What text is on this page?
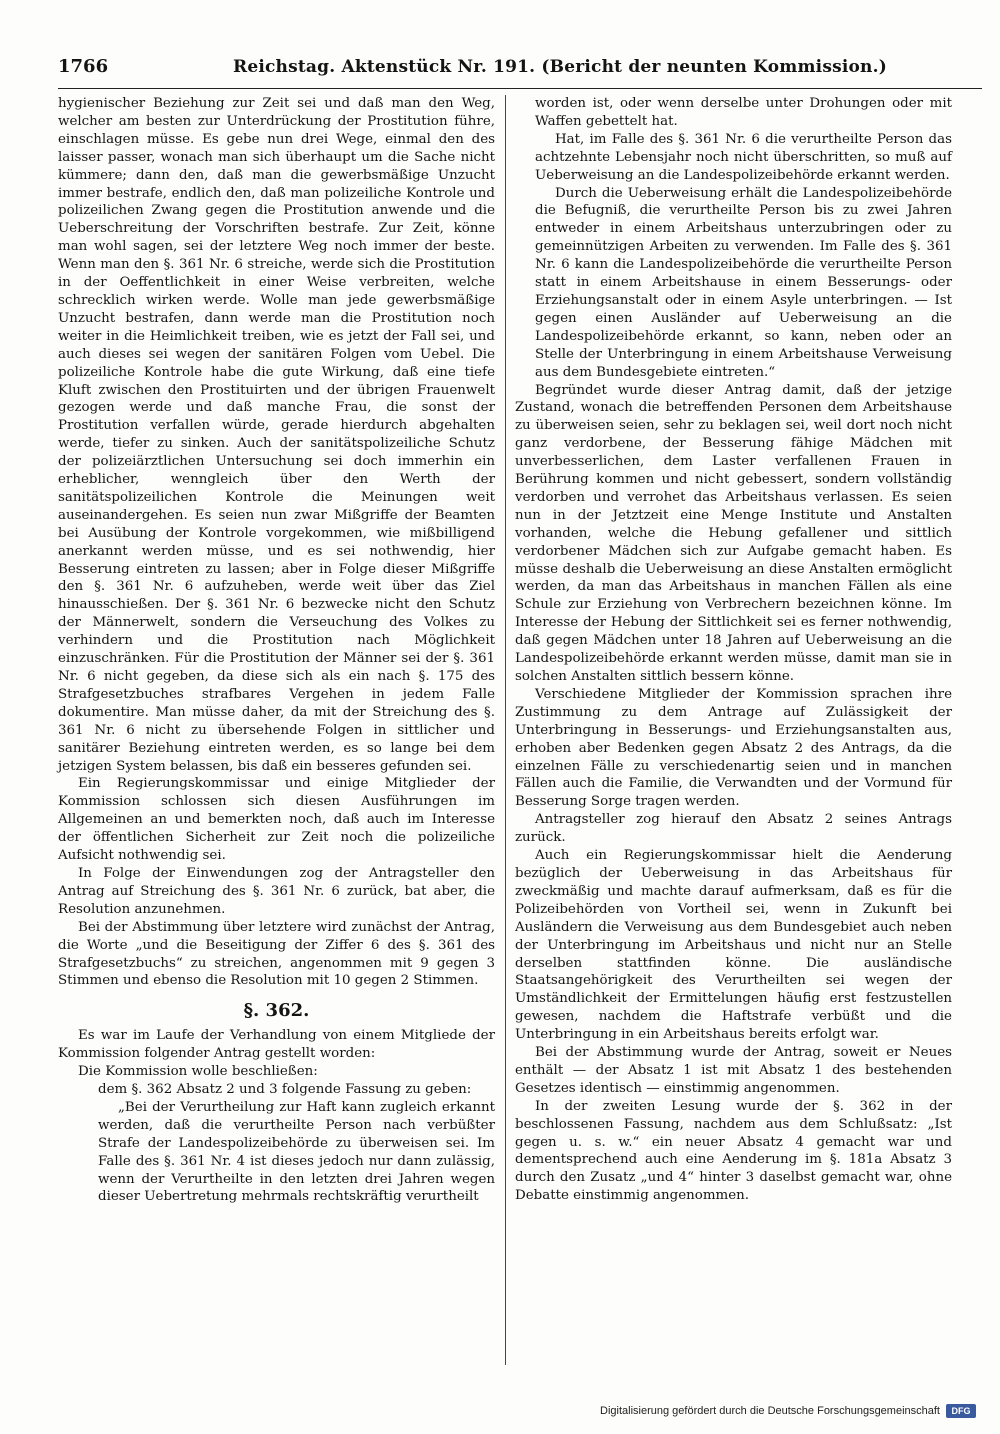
1766	Reichstag. Aktenstück Nr. 191. (Bericht der neunten Kommission.)

hygienischer Beziehung zur Zeit sei und daß man den Weg, welcher am besten zur Unterdrückung der Prostitution führe, einschlagen müsse. Es gebe nun drei Wege, einmal den des laisser passer, wonach man sich überhaupt um die Sache nicht kümmere; dann den, daß man die gewerbsmäßige Unzucht immer bestrafe, endlich den, daß man polizeiliche Kontrole und polizeilichen Zwang gegen die Prostitution anwende und die Ueberschreitung der Vorschriften bestrafe. Zur Zeit, könne man wohl sagen, sei der letztere Weg noch immer der beste. Wenn man den §. 361 Nr. 6 streiche, werde sich die Prostitution in der Oeffentlichkeit in einer Weise verbreiten, welche schrecklich wirken werde. Wolle man jede gewerbsmäßige Unzucht bestrafen, dann werde man die Prostitution noch weiter in die Heimlichkeit treiben, wie es jetzt der Fall sei, und auch dieses sei wegen der sanitären Folgen vom Uebel. Die polizeiliche Kontrole habe die gute Wirkung, daß eine tiefe Kluft zwischen den Prostituirten und der übrigen Frauenwelt gezogen werde und daß manche Frau, die sonst der Prostitution verfallen würde, gerade hierdurch abgehalten werde, tiefer zu sinken. Auch der sanitätspolizeiliche Schutz der polizeiärztlichen Untersuchung sei doch immerhin ein erheblicher, wenngleich über den Werth der sanitätspolizeilichen Kontrole die Meinungen weit auseinandergehen. Es seien nun zwar Mißgriffe der Beamten bei Ausübung der Kontrole vorgekommen, wie mißbilligend anerkannt werden müsse, und es sei nothwendig, hier Besserung eintreten zu lassen; aber in Folge dieser Mißgriffe den §. 361 Nr. 6 aufzuheben, werde weit über das Ziel hinausschießen. Der §. 361 Nr. 6 bezwecke nicht den Schutz der Männerwelt, sondern die Verseuchung des Volkes zu verhindern und die Prostitution nach Möglichkeit einzuschränken. Für die Prostitution der Männer sei der §. 361 Nr. 6 nicht gegeben, da diese sich als ein nach §. 175 des Strafgesetzbuches strafbares Vergehen in jedem Falle dokumentire. Man müsse daher, da mit der Streichung des §. 361 Nr. 6 nicht zu übersehende Folgen in sittlicher und sanitärer Beziehung eintreten werden, es so lange bei dem jetzigen System belassen, bis daß ein besseres gefunden sei.

Ein Regierungskommissar und einige Mitglieder der Kommission schlossen sich diesen Ausführungen im Allgemeinen an und bemerkten noch, daß auch im Interesse der öffentlichen Sicherheit zur Zeit noch die polizeiliche Aufsicht nothwendig sei.

In Folge der Einwendungen zog der Antragsteller den Antrag auf Streichung des §. 361 Nr. 6 zurück, bat aber, die Resolution anzunehmen.

Bei der Abstimmung über letztere wird zunächst der Antrag, die Worte „und die Beseitigung der Ziffer 6 des §. 361 des Strafgesetzbuchs“ zu streichen, angenommen mit 9 gegen 3 Stimmen und ebenso die Resolution mit 10 gegen 2 Stimmen.

§. 362.

Es war im Laufe der Verhandlung von einem Mitgliede der Kommission folgender Antrag gestellt worden:

Die Kommission wolle beschließen:

dem §. 362 Absatz 2 und 3 folgende Fassung zu geben:

„Bei der Verurtheilung zur Haft kann zugleich erkannt werden, daß die verurtheilte Person nach verbüßter Strafe der Landespolizeibehörde zu überweisen sei. Im Falle des §. 361 Nr. 4 ist dieses jedoch nur dann zulässig, wenn der Verurtheilte in den letzten drei Jahren wegen dieser Uebertretung mehrmals rechtskräftig verurtheilt

worden ist, oder wenn derselbe unter Drohungen oder mit Waffen gebettelt hat.

Hat, im Falle des §. 361 Nr. 6 die verurtheilte Person das achtzehnte Lebensjahr noch nicht überschritten, so muß auf Ueberweisung an die Landespolizeibehörde erkannt werden.

Durch die Ueberweisung erhält die Landespolizeibehörde die Befugniß, die verurtheilte Person bis zu zwei Jahren entweder in einem Arbeitshaus unterzubringen oder zu gemeinnützigen Arbeiten zu verwenden. Im Falle des §. 361 Nr. 6 kann die Landespolizeibehörde die verurtheilte Person statt in einem Arbeitshause in einem Besserungs- oder Erziehungsanstalt oder in einem Asyle unterbringen. — Ist gegen einen Ausländer auf Ueberweisung an die Landespolizeibehörde erkannt, so kann, neben oder an Stelle der Unterbringung in einem Arbeitshause Verweisung aus dem Bundesgebiete eintreten.“

Begründet wurde dieser Antrag damit, daß der jetzige Zustand, wonach die betreffenden Personen dem Arbeitshause zu überweisen seien, sehr zu beklagen sei, weil dort noch nicht ganz verdorbene, der Besserung fähige Mädchen mit unverbesserlichen, dem Laster verfallenen Frauen in Berührung kommen und nicht gebessert, sondern vollständig verdorben und verrohet das Arbeitshaus verlassen. Es seien nun in der Jetztzeit eine Menge Institute und Anstalten vorhanden, welche die Hebung gefallener und sittlich verdorbener Mädchen sich zur Aufgabe gemacht haben. Es müsse deshalb die Ueberweisung an diese Anstalten ermöglicht werden, da man das Arbeitshaus in manchen Fällen als eine Schule zur Erziehung von Verbrechern bezeichnen könne. Im Interesse der Hebung der Sittlichkeit sei es ferner nothwendig, daß gegen Mädchen unter 18 Jahren auf Ueberweisung an die Landespolizeibehörde erkannt werden müsse, damit man sie in solchen Anstalten sittlich bessern könne.

Verschiedene Mitglieder der Kommission sprachen ihre Zustimmung zu dem Antrage auf Zulässigkeit der Unterbringung in Besserungs- und Erziehungsanstalten aus, erhoben aber Bedenken gegen Absatz 2 des Antrags, da die einzelnen Fälle zu verschiedenartig seien und in manchen Fällen auch die Familie, die Verwandten und der Vormund für Besserung Sorge tragen werden.

Antragsteller zog hierauf den Absatz 2 seines Antrags zurück.

Auch ein Regierungskommissar hielt die Aenderung bezüglich der Ueberweisung in das Arbeitshaus für zweckmäßig und machte darauf aufmerksam, daß es für die Polizeibehörden von Vortheil sei, wenn in Zukunft bei Ausländern die Verweisung aus dem Bundesgebiet auch neben der Unterbringung im Arbeitshaus und nicht nur an Stelle derselben stattfinden könne. Die ausländische Staatsangehörigkeit des Verurtheilten sei wegen der Umständlichkeit der Ermittelungen häufig erst festzustellen gewesen, nachdem die Haftstrafe verbüßt und die Unterbringung in ein Arbeitshaus bereits erfolgt war.

Bei der Abstimmung wurde der Antrag, soweit er Neues enthält — der Absatz 1 ist mit Absatz 1 des bestehenden Gesetzes identisch — einstimmig angenommen.

In der zweiten Lesung wurde der §. 362 in der beschlossenen Fassung, nachdem aus dem Schlußsatz: „Ist gegen u. s. w.“ ein neuer Absatz 4 gemacht war und dementsprechend auch eine Aenderung im §. 181a Absatz 3 durch den Zusatz „und 4“ hinter 3 daselbst gemacht war, ohne Debatte einstimmig angenommen.

Digitalisierung gefördert durch die Deutsche Forschungsgemeinschaft	DFG
